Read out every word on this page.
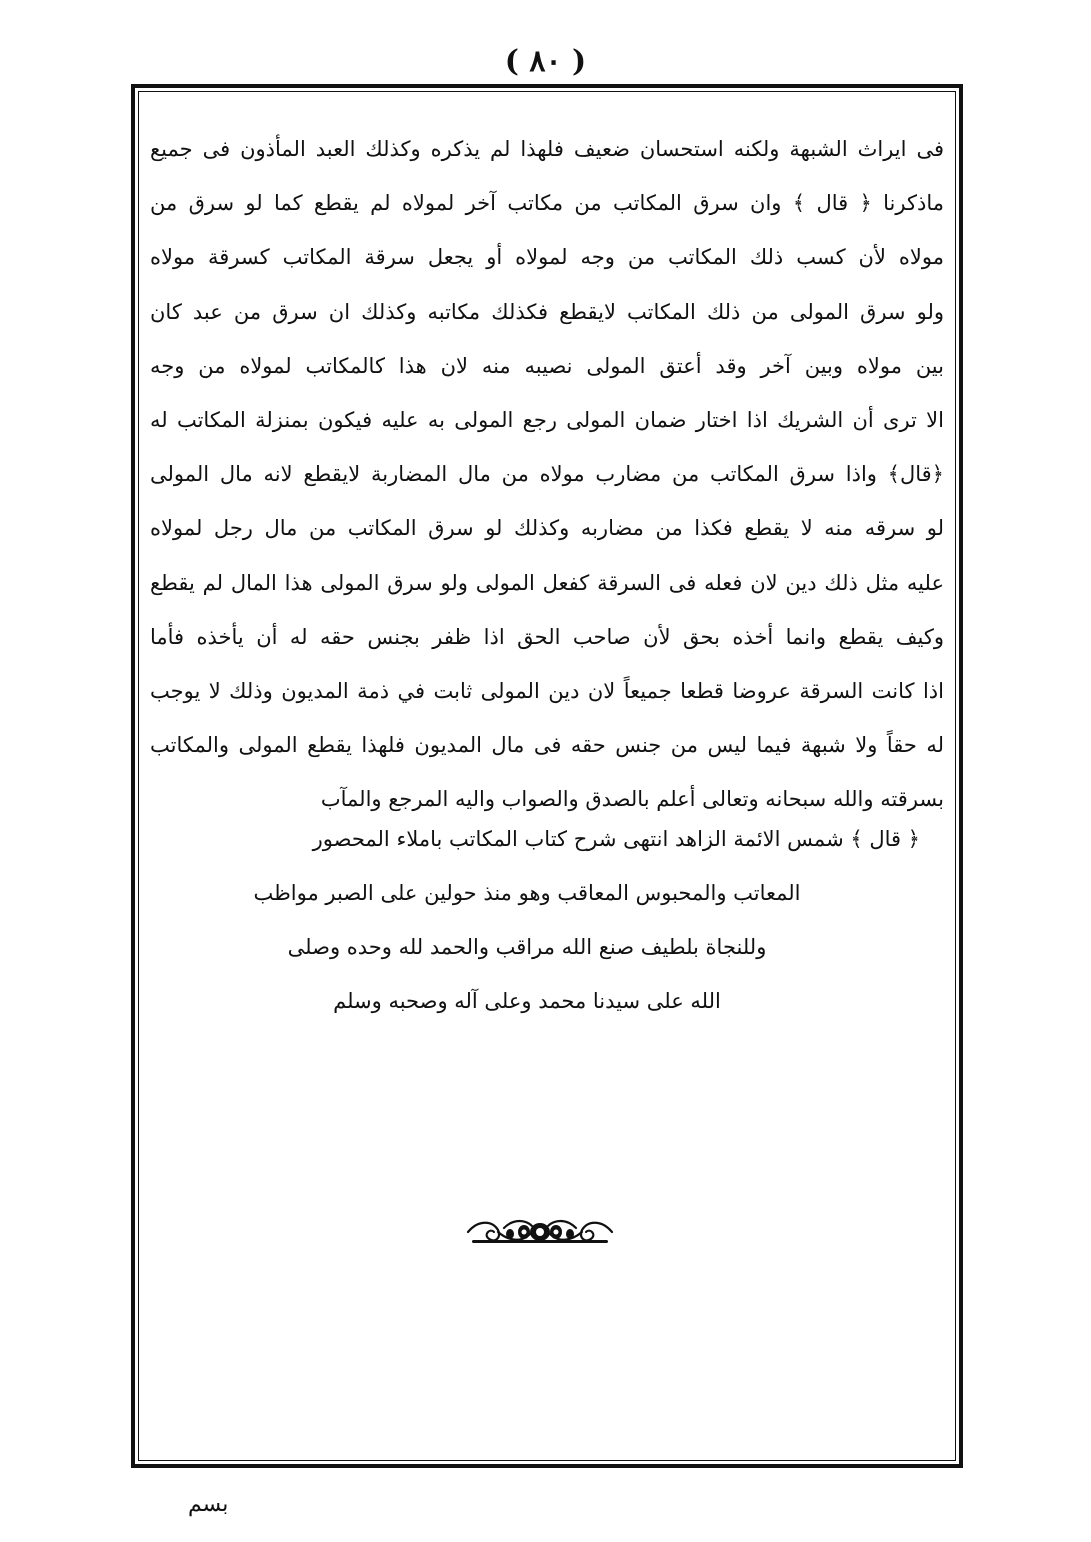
( ٨٠ )
فى ايراث الشبهة ولكنه استحسان ضعيف فلهذا لم يذكره وكذلك العبد المأذون فى جميع
ماذكرنا ﴿ قال ﴾ وان سرق المكاتب من مكاتب آخر لمولاه لم يقطع كما لو سرق من
مولاه لأن كسب ذلك المكاتب من وجه لمولاه أو يجعل سرقة المكاتب كسرقة مولاه
ولو سرق المولى من ذلك المكاتب لايقطع فكذلك مكاتبه وكذلك ان سرق من عبد كان
بين مولاه وبين آخر وقد أعتق المولى نصيبه منه لان هذا كالمكاتب لمولاه من وجه
الا ترى أن الشريك اذا اختار ضمان المولى رجع المولى به عليه فيكون بمنزلة المكاتب له
﴿قال﴾ واذا سرق المكاتب من مضارب مولاه من مال المضاربة لايقطع لانه مال المولى
لو سرقه منه لا يقطع فكذا من مضاربه وكذلك لو سرق المكاتب من مال رجل لمولاه
عليه مثل ذلك دين لان فعله فى السرقة كفعل المولى ولو سرق المولى هذا المال لم يقطع
وكيف يقطع وانما أخذه بحق لأن صاحب الحق اذا ظفر بجنس حقه له أن يأخذه فأما
اذا كانت السرقة عروضا قطعا جميعاً لان دين المولى ثابت في ذمة المديون وذلك لا يوجب
له حقاً ولا شبهة فيما ليس من جنس حقه فى مال المديون فلهذا يقطع المولى والمكاتب
بسرقته والله سبحانه وتعالى أعلم بالصدق والصواب واليه المرجع والمآب
﴿ قال ﴾ شمس الائمة الزاهد انتهى شرح كتاب المكاتب باملاء المحصور
المعاتب والمحبوس المعاقب وهو منذ حولين على الصبر مواظب
وللنجاة بلطيف صنع الله مراقب والحمد لله وحده وصلى
الله على سيدنا محمد وعلى آله وصحبه وسلم
بسم
